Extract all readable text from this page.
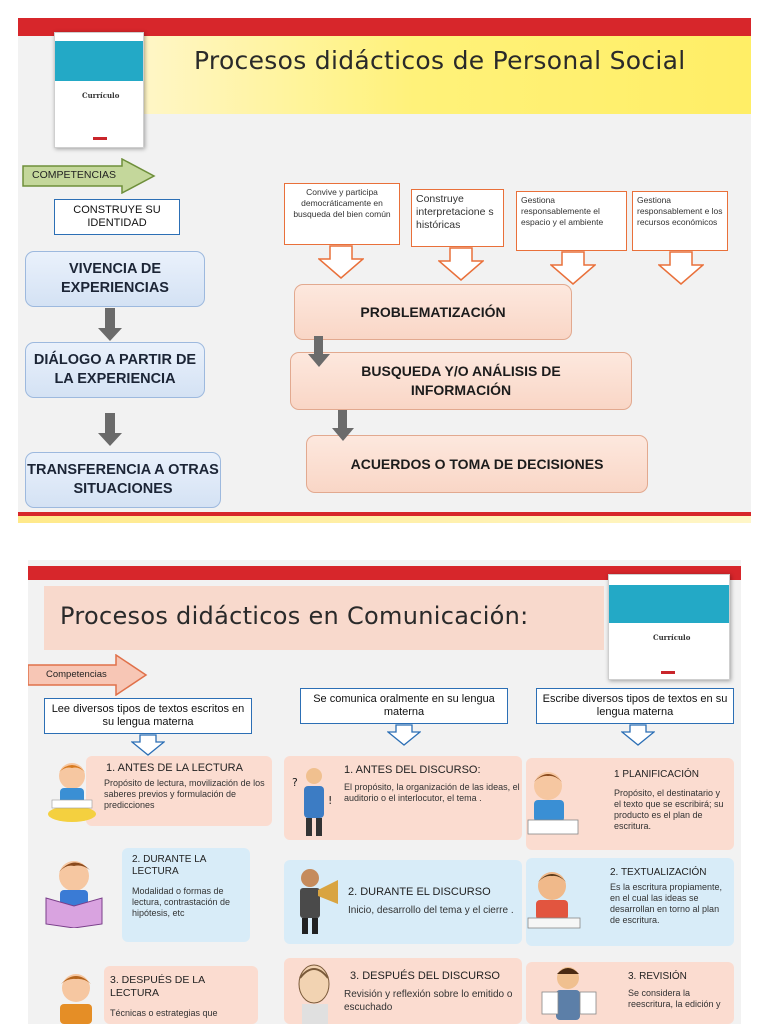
Procesos didácticos de Personal Social
Currículo
COMPETENCIAS
CONSTRUYE SU IDENTIDAD
VIVENCIA DE EXPERIENCIAS
DIÁLOGO A PARTIR DE LA EXPERIENCIA
TRANSFERENCIA A OTRAS SITUACIONES
Convive y participa democráticamente en busqueda del bien común
Construye interpretacione s históricas
Gestiona responsablemente el espacio y el ambiente
Gestiona responsablement e los recursos económicos
PROBLEMATIZACIÓN
BUSQUEDA Y/O ANÁLISIS DE INFORMACIÓN
ACUERDOS O TOMA DE DECISIONES
Procesos didácticos en Comunicación:
Currículo
Competencias
Lee diversos tipos de textos escritos en su lengua materna
Se comunica oralmente en su lengua materna
Escribe diversos tipos de textos en su lengua materna
1. ANTES DE LA LECTURA
Propósito de lectura, movilización de los saberes previos y formulación de predicciones
2. DURANTE LA LECTURA
Modalidad o formas de lectura, contrastación de hipótesis, etc
3. DESPUÉS DE LA LECTURA
Técnicas o estrategias que
1. ANTES DEL DISCURSO:
El propósito, la organización de las ideas, el auditorio o el interlocutor, el tema .
2. DURANTE EL DISCURSO
Inicio, desarrollo del tema y el cierre .
3. DESPUÉS DEL DISCURSO
Revisión y reflexión sobre lo emitido o escuchado
1 PLANIFICACIÓN
Propósito, el destinatario y el texto que se escribirá; su producto es el plan de escritura.
2. TEXTUALIZACIÓN
Es la escritura propiamente, en el cual las ideas se desarrollan en torno al plan de escritura.
3. REVISIÓN
Se considera la reescritura, la edición y
?
!
